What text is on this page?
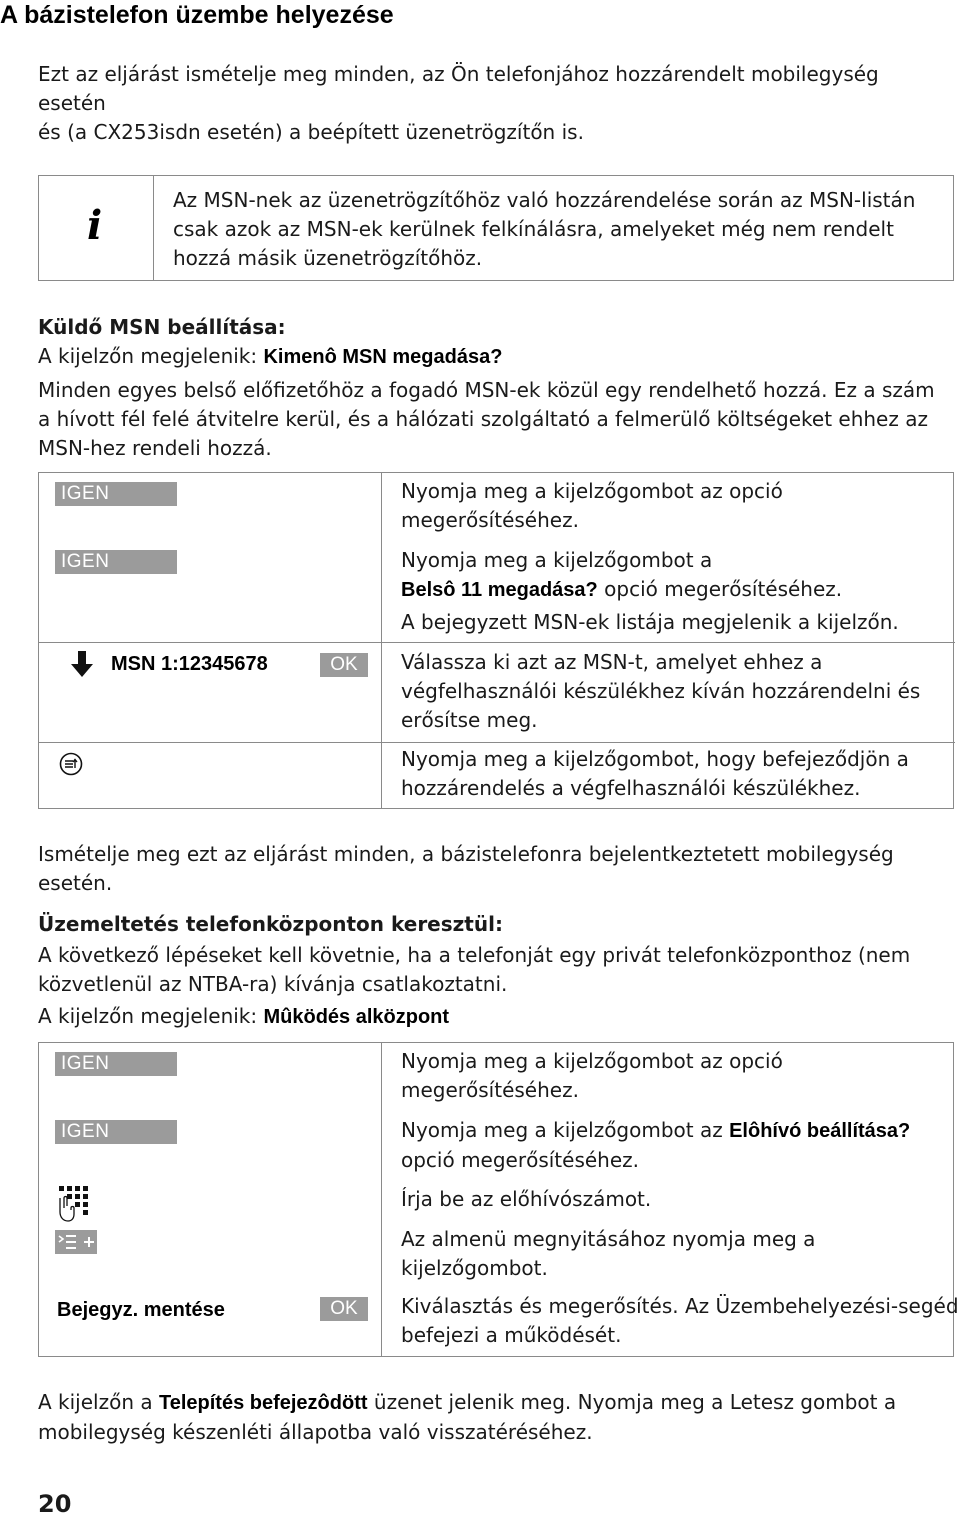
A bázistelefon üzembe helyezése
Ezt az eljárást ismételje meg minden, az Ön telefonjához hozzárendelt mobilegység
esetén
és (a CX253isdn esetén) a beépített üzenetrögzítőn is.
i
Az MSN-nek az üzenetrögzítőhöz való hozzárendelése során az MSN-listán csak azok az MSN-ek kerülnek felkínálásra, amelyeket még nem rendelt hozzá másik üzenetrögzítőhöz.
Küldő MSN beállítása:
A kijelzőn megjelenik: Kimenô MSN megadása?
Minden egyes belső előfizetőhöz a fogadó MSN-ek közül egy rendelhető hozzá. Ez a szám a hívott fél felé átvitelre kerül, és a hálózati szolgáltató a felmerülő költségeket ehhez az MSN-hez rendeli hozzá.
IGEN	Nyomja meg a kijelzőgombot az opció megerősítéséhez.
IGEN	Nyomja meg a kijelzőgombot a
Belsô 11 megadása? opció megerősítéséhez.
A bejegyzett MSN-ek listája megjelenik a kijelzőn.
MSN 1:12345678	OK	Válassza ki azt az MSN-t, amelyet ehhez a végfelhasználói készülékhez kíván hozzárendelni és erősítse meg.
Nyomja meg a kijelzőgombot, hogy befejeződjön a hozzárendelés a végfelhasználói készülékhez.
Ismételje meg ezt az eljárást minden, a bázistelefonra bejelentkeztetett mobilegység esetén.
Üzemeltetés telefonközponton keresztül:
A következő lépéseket kell követnie, ha a telefonját egy privát telefonközponthoz (nem közvetlenül az NTBA-ra) kívánja csatlakoztatni.
A kijelzőn megjelenik: Mûködés alközpont
IGEN	Nyomja meg a kijelzőgombot az opció megerősítéséhez.
IGEN	Nyomja meg a kijelzőgombot az Elôhívó beállítása? opció megerősítéséhez.
Írja be az előhívószámot.
Az almenü megnyitásához nyomja meg a kijelzőgombot.
Bejegyz. mentése	OK	Kiválasztás és megerősítés. Az Üzembehelyezési-segéd befejezi a működését.
A kijelzőn a Telepítés befejezôdött üzenet jelenik meg. Nyomja meg a Letesz gombot a mobilegység készenléti állapotba való visszatéréséhez.
20
